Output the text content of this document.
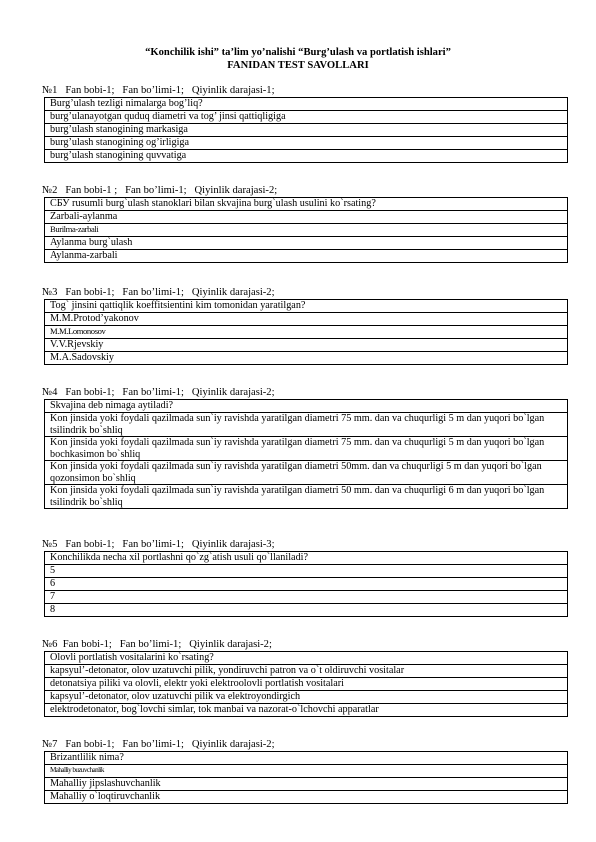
“Konchilik ishi” ta’lim yo’nalishi “Burg’ulash va portlatish ishlari”
FANIDAN TEST SAVOLLARI
№1   Fan bobi-1;   Fan bo’limi-1;   Qiyinlik darajasi-1;
Burg’ulash tezligi nimalarga bog’liq?
burg’ulanayotgan quduq diametri va tog’ jinsi qattiqligiga
burg’ulash stanogining markasiga
burg’ulash stanogining og’irligiga
burg’ulash stanogining quvvatiga
№2   Fan bobi-1 ;   Fan bo’limi-1;   Qiyinlik darajasi-2;
СБУ rusumli burg`ulash stanoklari bilan skvajina burg`ulash usulini ko`rsating?
Zarbali-aylanma
Burilma-zarbali
Aylanma burg`ulash
Aylanma-zarbali
№3   Fan bobi-1;   Fan bo’limi-1;   Qiyinlik darajasi-2;
Tog` jinsini qattiqlik koeffitsientini kim tomonidan yaratilgan?
M.M.Protod’yakonov
M.M.Lomonosov
V.V.Rjevskiy
M.A.Sadovskiy
№4   Fan bobi-1;   Fan bo’limi-1;   Qiyinlik darajasi-2;
Skvajina deb nimaga aytiladi?
Kon jinsida yoki foydali qazilmada sun`iy ravishda yaratilgan diametri 75 mm. dan va chuqurligi 5 m dan yuqori bo`lgan tsilindrik bo`shliq
Kon jinsida yoki foydali qazilmada sun`iy ravishda yaratilgan diametri 75 mm. dan va chuqurligi 5 m dan yuqori bo`lgan bochkasimon bo`shliq
Kon jinsida yoki foydali qazilmada sun`iy ravishda yaratilgan diametri 50mm. dan va chuqurligi 5 m dan yuqori bo`lgan qozonsimon bo`shliq
Kon jinsida yoki foydali qazilmada sun`iy ravishda yaratilgan diametri 50 mm. dan va chuqurligi 6 m dan yuqori bo`lgan tsilindrik bo`shliq
№5   Fan bobi-1;   Fan bo’limi-1;   Qiyinlik darajasi-3;
Konchilikda necha xil portlashni qo`zg`atish usuli qo`llaniladi?
5
6
7
8
№6  Fan bobi-1;   Fan bo’limi-1;   Qiyinlik darajasi-2;
Olovli portlatish vositalarini ko`rsating?
kapsyul’-detonator, olov uzatuvchi pilik, yondiruvchi patron va o`t oldiruvchi vositalar
detonatsiya piliki va olovli, elektr yoki elektroolovli portlatish vositalari
kapsyul’-detonator, olov uzatuvchi pilik va elektroyondirgich
elektrodetonator, bog`lovchi simlar, tok manbai va nazorat-o`lchovchi apparatlar
№7   Fan bobi-1;   Fan bo’limi-1;   Qiyinlik darajasi-2;
Brizantlilik nima?
Mahalliy buzuvchanlik
Mahalliy jipslashuvchanlik
Mahalliy o`loqtiruvchanlik
